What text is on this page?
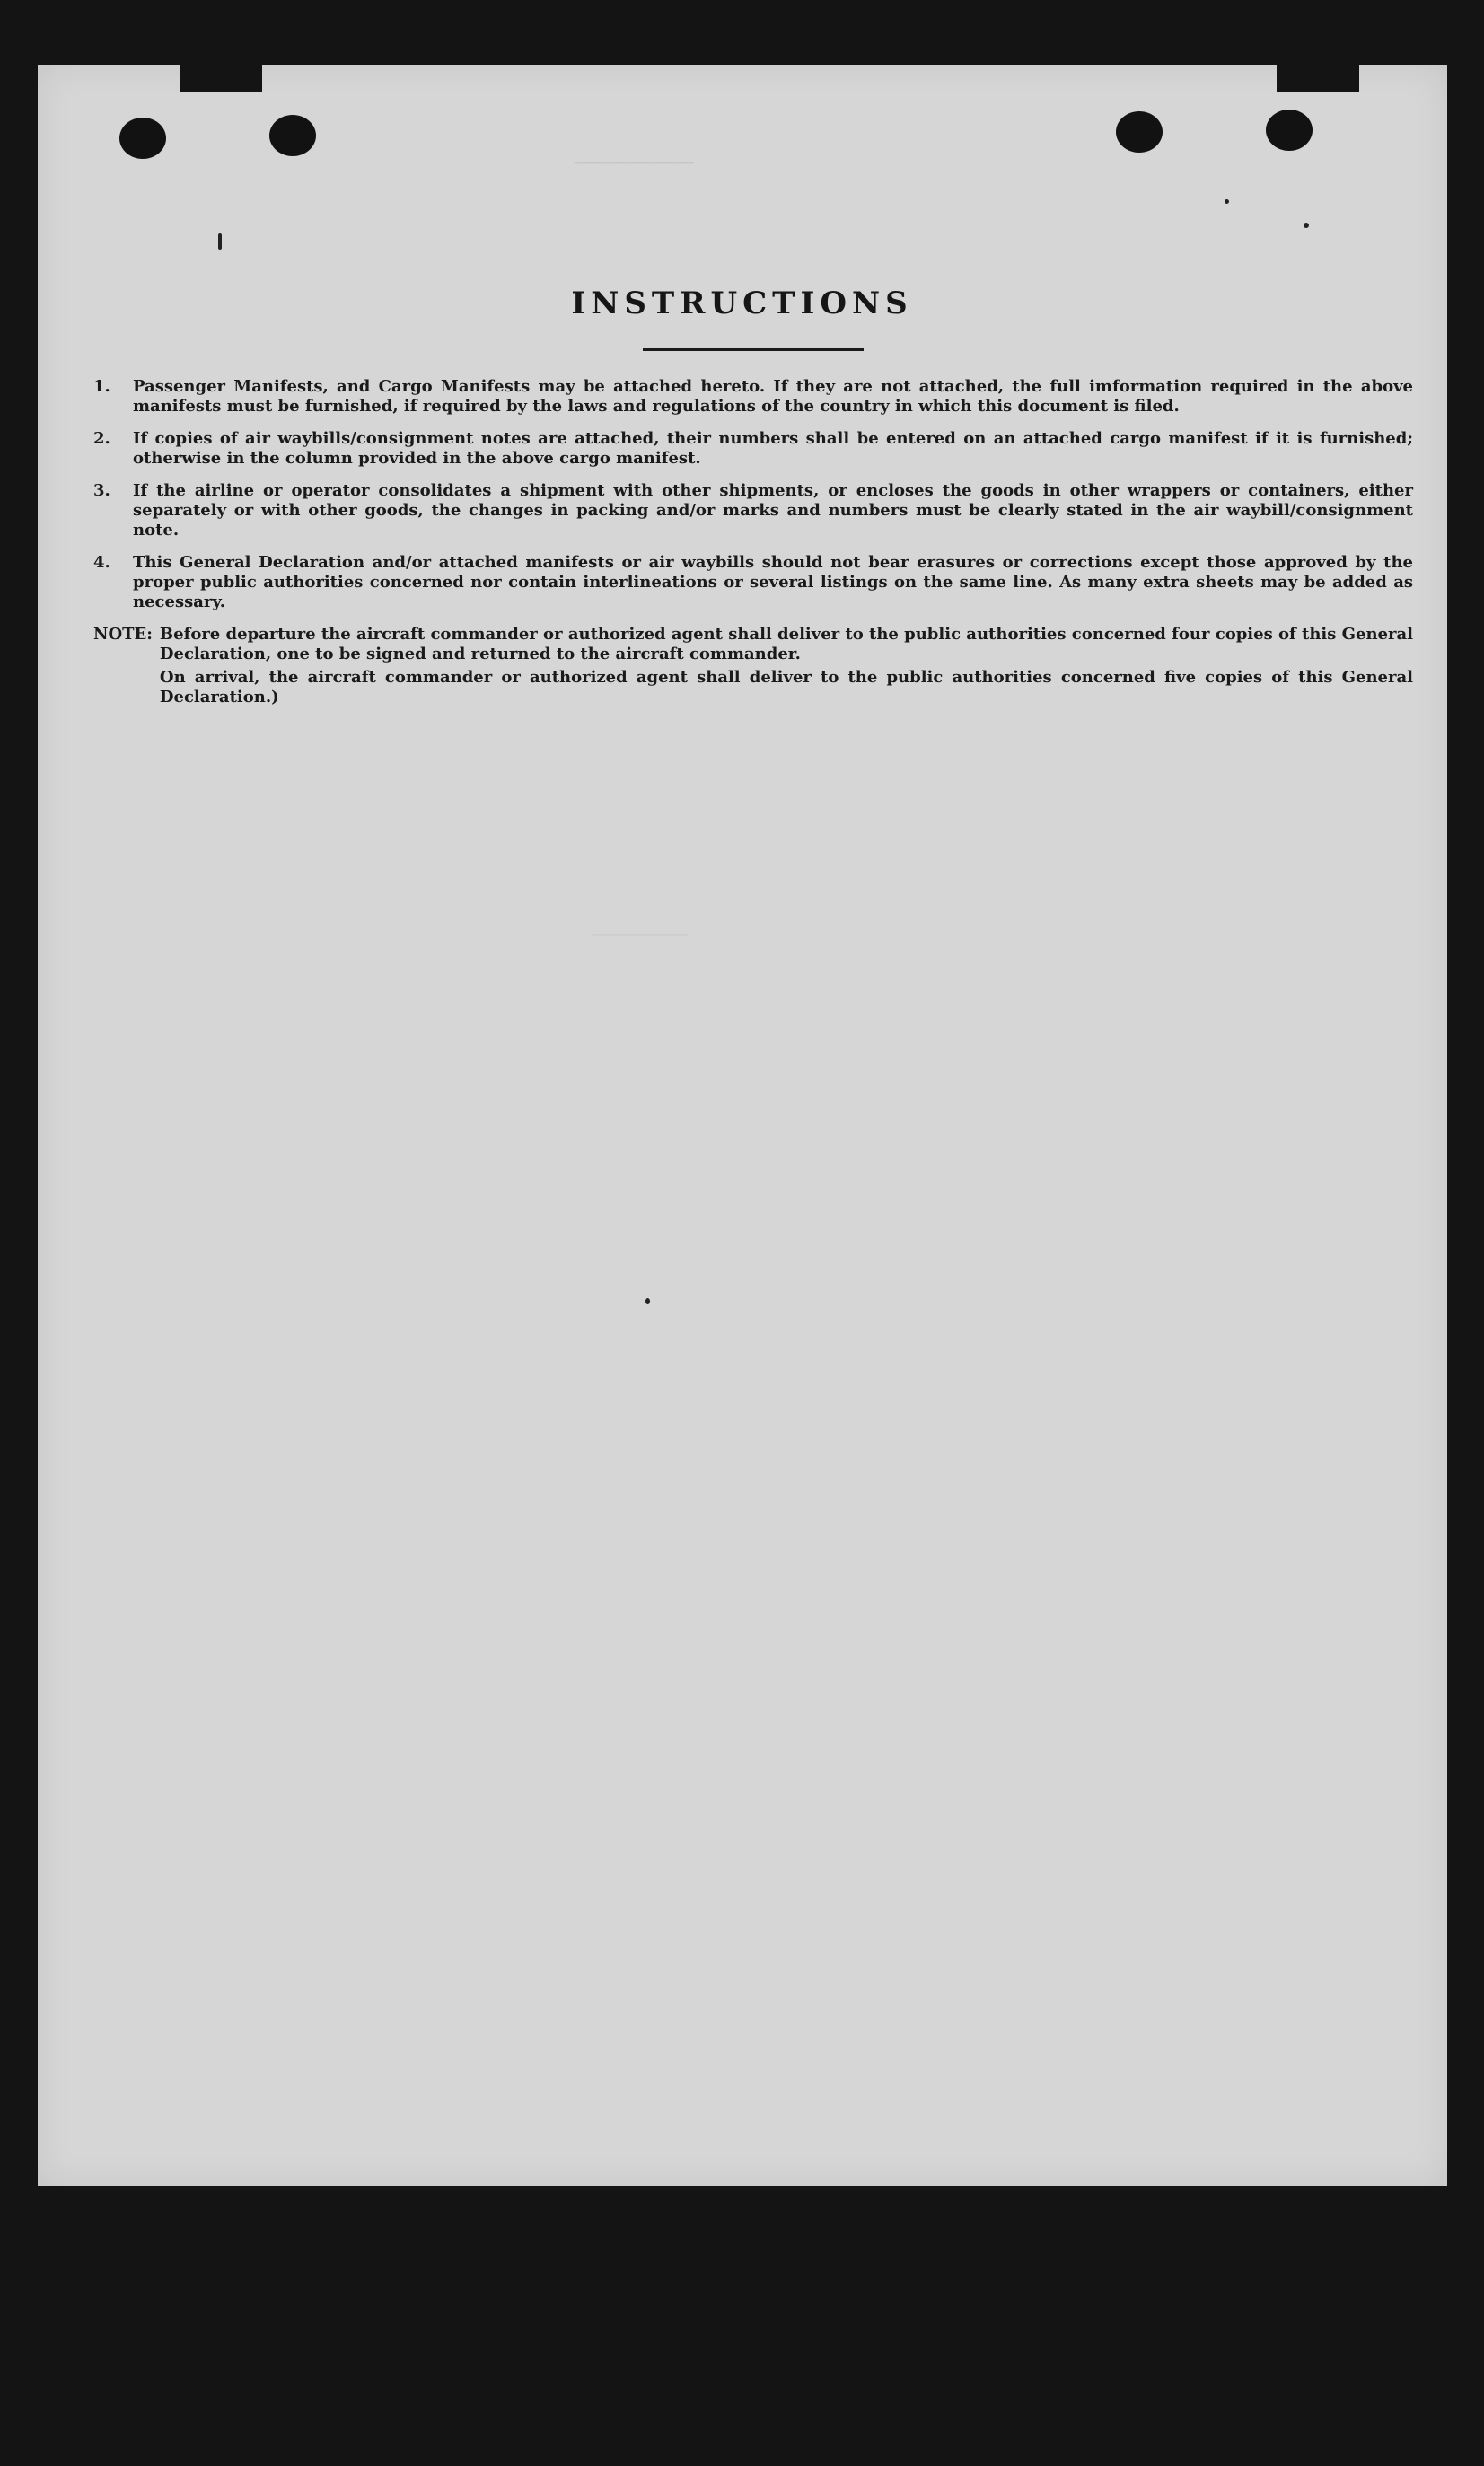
──────────
────────
INSTRUCTIONS
1.	Passenger Manifests, and Cargo Manifests may be attached hereto. If they are not attached, the full imformation required in the above manifests must be furnished, if required by the laws and regulations of the country in which this document is filed.
2.	If copies of air waybills/consignment notes are attached, their numbers shall be entered on an attached cargo manifest if it is furnished; otherwise in the column provided in the above cargo manifest.
3.	If the airline or operator consolidates a shipment with other shipments, or encloses the goods in other wrappers or containers, either separately or with other goods, the changes in packing and/or marks and numbers must be clearly stated in the air waybill/consignment note.
4.	This General Declaration and/or attached manifests or air waybills should not bear erasures or corrections except those approved by the proper public authorities concerned nor contain interlineations or several listings on the same line. As many extra sheets may be added as necessary.
NOTE: Before departure the aircraft commander or authorized agent shall deliver to the public authorities concerned four copies of this General Declaration, one to be signed and returned to the aircraft commander.
On arrival, the aircraft commander or authorized agent shall deliver to the public authorities concerned five copies of this General Declaration.)
